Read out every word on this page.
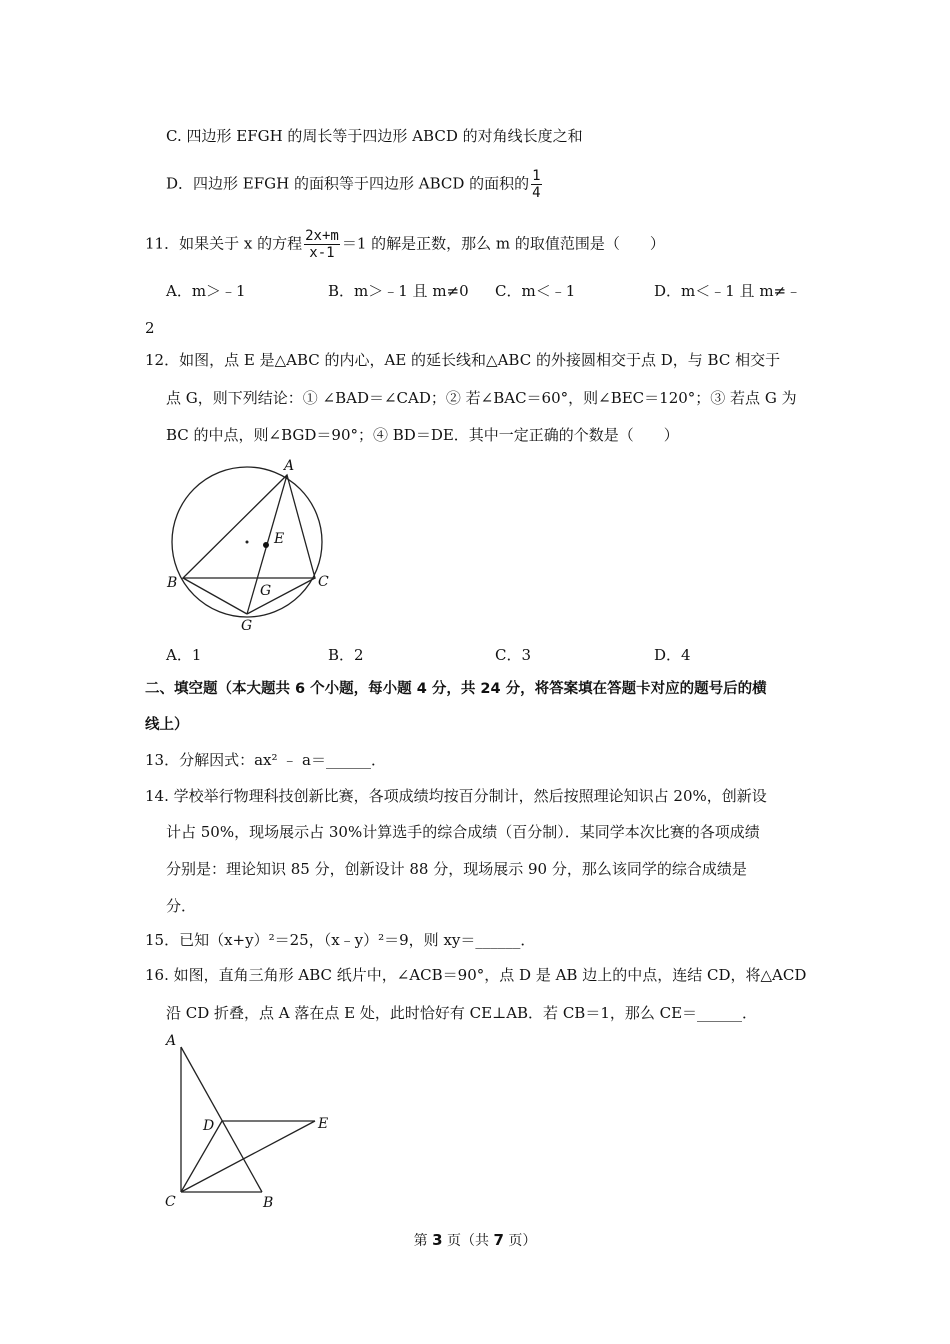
C. 四边形 EFGH 的周长等于四边形 ABCD 的对角线长度之和
D．四边形 EFGH 的面积等于四边形 ABCD 的面积的 $\frac{1}{4}$
11．如果关于 x 的方程 $\frac{2x+m}{x-1} =1$ 的解是正数，那么 m 的取值范围是（　　）
A．m＞﹣1	B．m＞﹣1 且 m≠0 C．m＜﹣1	D．m＜﹣1 且 m≠﹣
2
12．如图，点 E 是△ABC 的内心，AE 的延长线和△ABC 的外接圆相交于点 D，与 BC 相交于
点 G，则下列结论：① ∠BAD＝∠CAD；② 若∠BAC＝60°，则∠BEC＝120°；③ 若点 G 为
BC 的中点，则∠BGD＝90°；④ BD＝DE．其中一定正确的个数是（　　）
A
B	C
E
G
G
A．1	B．2	C．3	D．4
二、填空题（本大题共 6 个小题，每小题 4 分，共 24 分，将答案填在答题卡对应的题号后的横
线上）
13．分解因式：ax² ﹣ a＝______．
14. 学校举行物理科技创新比赛，各项成绩均按百分制计，然后按照理论知识占 20%，创新设
计占 50%，现场展示占 30%计算选手的综合成绩（百分制）．某同学本次比赛的各项成绩
分别是：理论知识 85 分，创新设计 88 分，现场展示 90 分，那么该同学的综合成绩是
分．
15．已知（x+y）²＝25，（x﹣y）²＝9，则 xy＝______．
16. 如图，直角三角形 ABC 纸片中，∠ACB＝90°，点 D 是 AB 边上的中点，连结 CD，将△ACD
沿 CD 折叠，点 A 落在点 E 处，此时恰好有 CE⊥AB．若 CB＝1，那么 CE＝______．
A
D	E
C	B
第 3 页（共 7 页）
